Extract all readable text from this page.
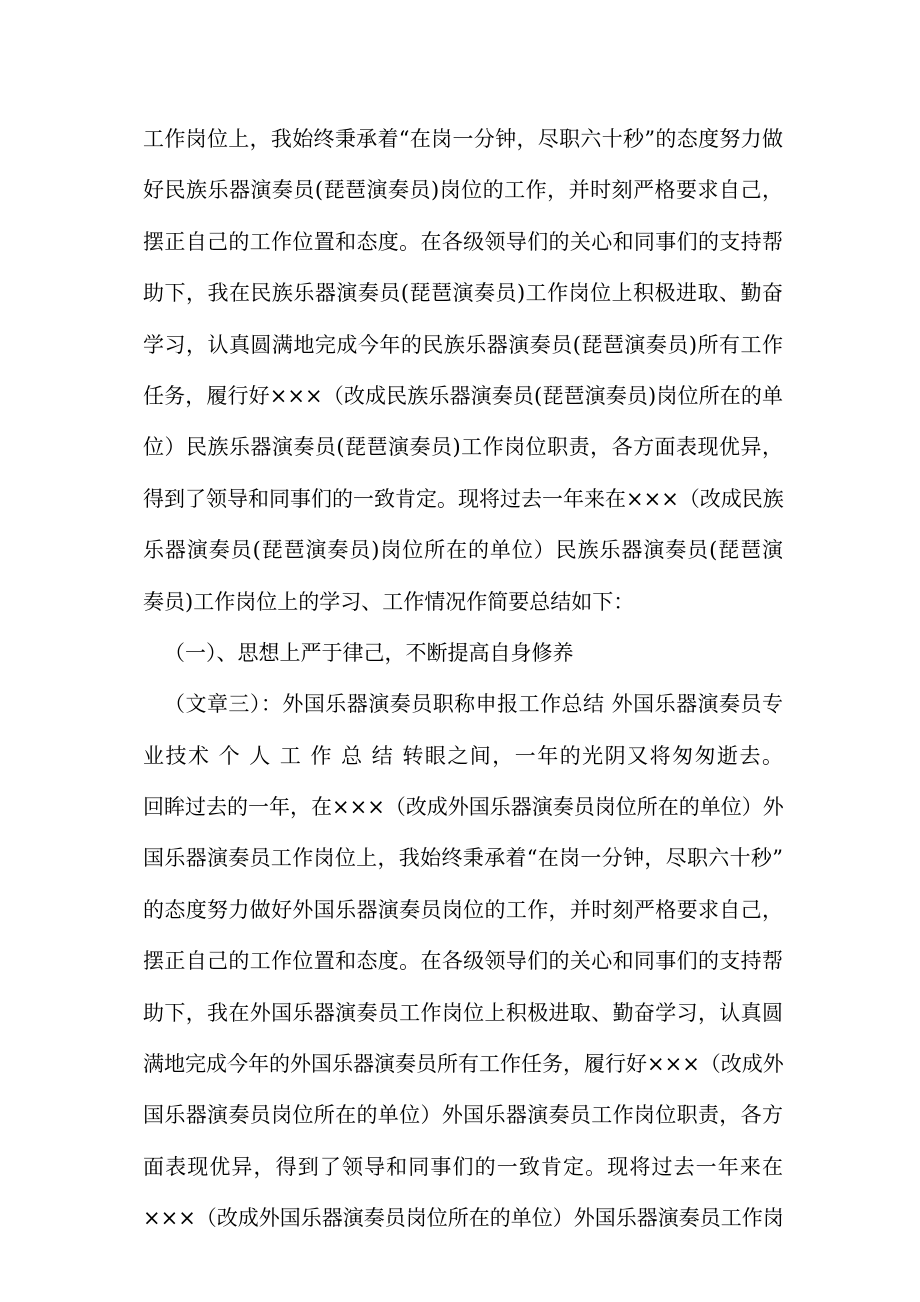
工作岗位上，我始终秉承着“在岗一分钟，尽职六十秒”的态度努力做
好民族乐器演奏员(琵琶演奏员)岗位的工作，并时刻严格要求自己，
摆正自己的工作位置和态度。在各级领导们的关心和同事们的支持帮
助下，我在民族乐器演奏员(琵琶演奏员)工作岗位上积极进取、勤奋
学习，认真圆满地完成今年的民族乐器演奏员(琵琶演奏员)所有工作
任务，履行好×××（改成民族乐器演奏员(琵琶演奏员)岗位所在的单
位）民族乐器演奏员(琵琶演奏员)工作岗位职责，各方面表现优异，
得到了领导和同事们的一致肯定。现将过去一年来在×××（改成民族
乐器演奏员(琵琶演奏员)岗位所在的单位）民族乐器演奏员(琵琶演
奏员)工作岗位上的学习、工作情况作简要总结如下：
（一）、思想上严于律己，不断提高自身修养
（文章三）：外国乐器演奏员职称申报工作总结 外国乐器演奏员专
业技术 个 人 工 作 总 结 转眼之间，一年的光阴又将匆匆逝去。
回眸过去的一年，在×××（改成外国乐器演奏员岗位所在的单位）外
国乐器演奏员工作岗位上，我始终秉承着“在岗一分钟，尽职六十秒”
的态度努力做好外国乐器演奏员岗位的工作，并时刻严格要求自己，
摆正自己的工作位置和态度。在各级领导们的关心和同事们的支持帮
助下，我在外国乐器演奏员工作岗位上积极进取、勤奋学习，认真圆
满地完成今年的外国乐器演奏员所有工作任务，履行好×××（改成外
国乐器演奏员岗位所在的单位）外国乐器演奏员工作岗位职责，各方
面表现优异，得到了领导和同事们的一致肯定。现将过去一年来在
×××（改成外国乐器演奏员岗位所在的单位）外国乐器演奏员工作岗
